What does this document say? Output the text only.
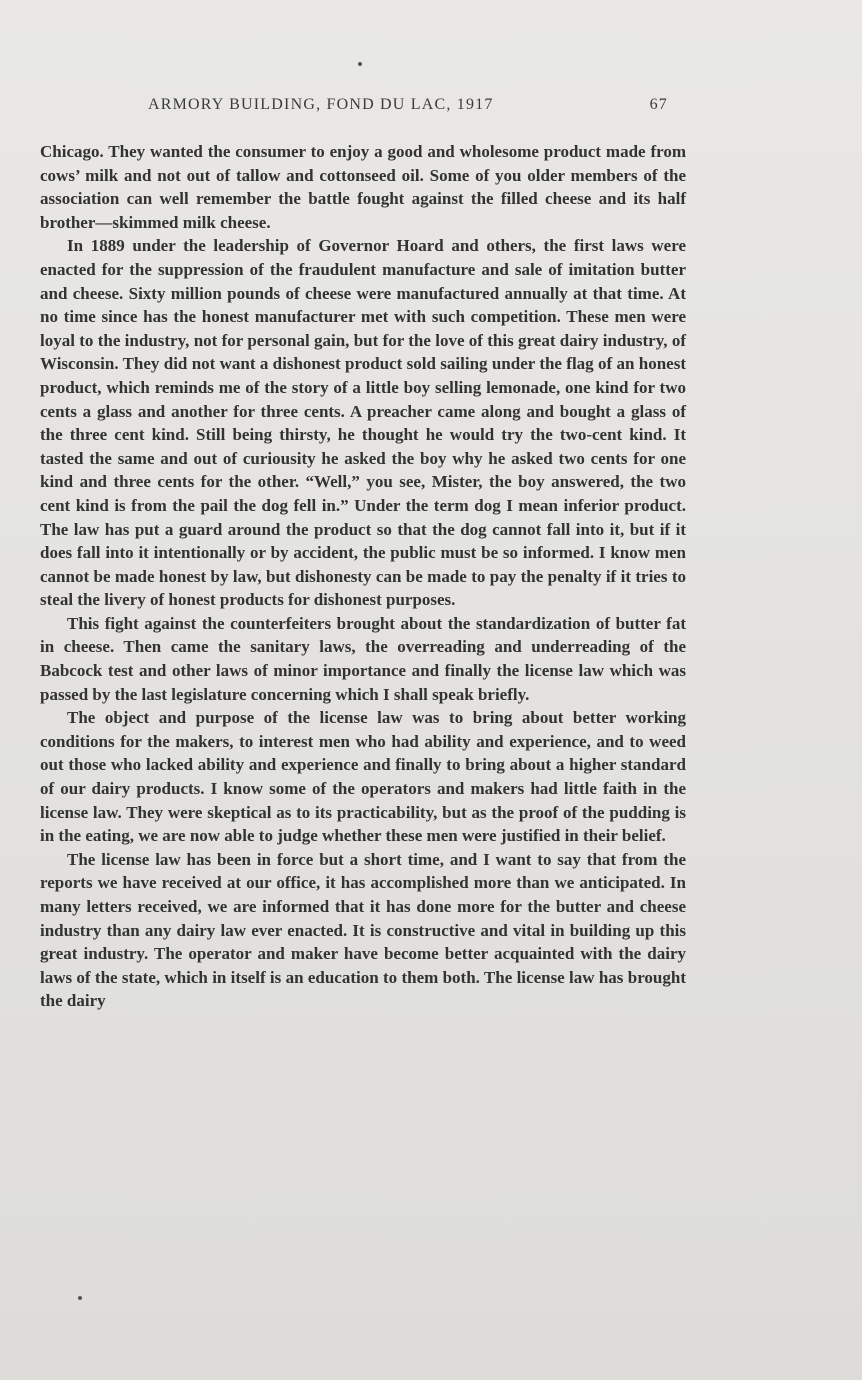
ARMORY BUILDING, FOND DU LAC, 1917	67

Chicago. They wanted the consumer to enjoy a good and wholesome product made from cows’ milk and not out of tallow and cottonseed oil. Some of you older members of the association can well remember the battle fought against the filled cheese and its half brother—skimmed milk cheese.

In 1889 under the leadership of Governor Hoard and others, the first laws were enacted for the suppression of the fraudulent manufacture and sale of imitation butter and cheese. Sixty million pounds of cheese were manufactured annually at that time. At no time since has the honest manufacturer met with such competition. These men were loyal to the industry, not for personal gain, but for the love of this great dairy industry, of Wisconsin. They did not want a dishonest product sold sailing under the flag of an honest product, which reminds me of the story of a little boy selling lemonade, one kind for two cents a glass and another for three cents. A preacher came along and bought a glass of the three cent kind. Still being thirsty, he thought he would try the two-cent kind. It tasted the same and out of curiousity he asked the boy why he asked two cents for one kind and three cents for the other. “Well,” you see, Mister, the boy answered, the two cent kind is from the pail the dog fell in.” Under the term dog I mean inferior product. The law has put a guard around the product so that the dog cannot fall into it, but if it does fall into it intentionally or by accident, the public must be so informed. I know men cannot be made honest by law, but dishonesty can be made to pay the penalty if it tries to steal the livery of honest products for dishonest purposes.

This fight against the counterfeiters brought about the standardization of butter fat in cheese. Then came the sanitary laws, the overreading and underreading of the Babcock test and other laws of minor importance and finally the license law which was passed by the last legislature concerning which I shall speak briefly.

The object and purpose of the license law was to bring about better working conditions for the makers, to interest men who had ability and experience, and to weed out those who lacked ability and experience and finally to bring about a higher standard of our dairy products. I know some of the operators and makers had little faith in the license law. They were skeptical as to its practicability, but as the proof of the pudding is in the eating, we are now able to judge whether these men were justified in their belief.

The license law has been in force but a short time, and I want to say that from the reports we have received at our office, it has accomplished more than we anticipated. In many letters received, we are informed that it has done more for the butter and cheese industry than any dairy law ever enacted. It is constructive and vital in building up this great industry. The operator and maker have become better acquainted with the dairy laws of the state, which in itself is an education to them both. The license law has brought the dairy
